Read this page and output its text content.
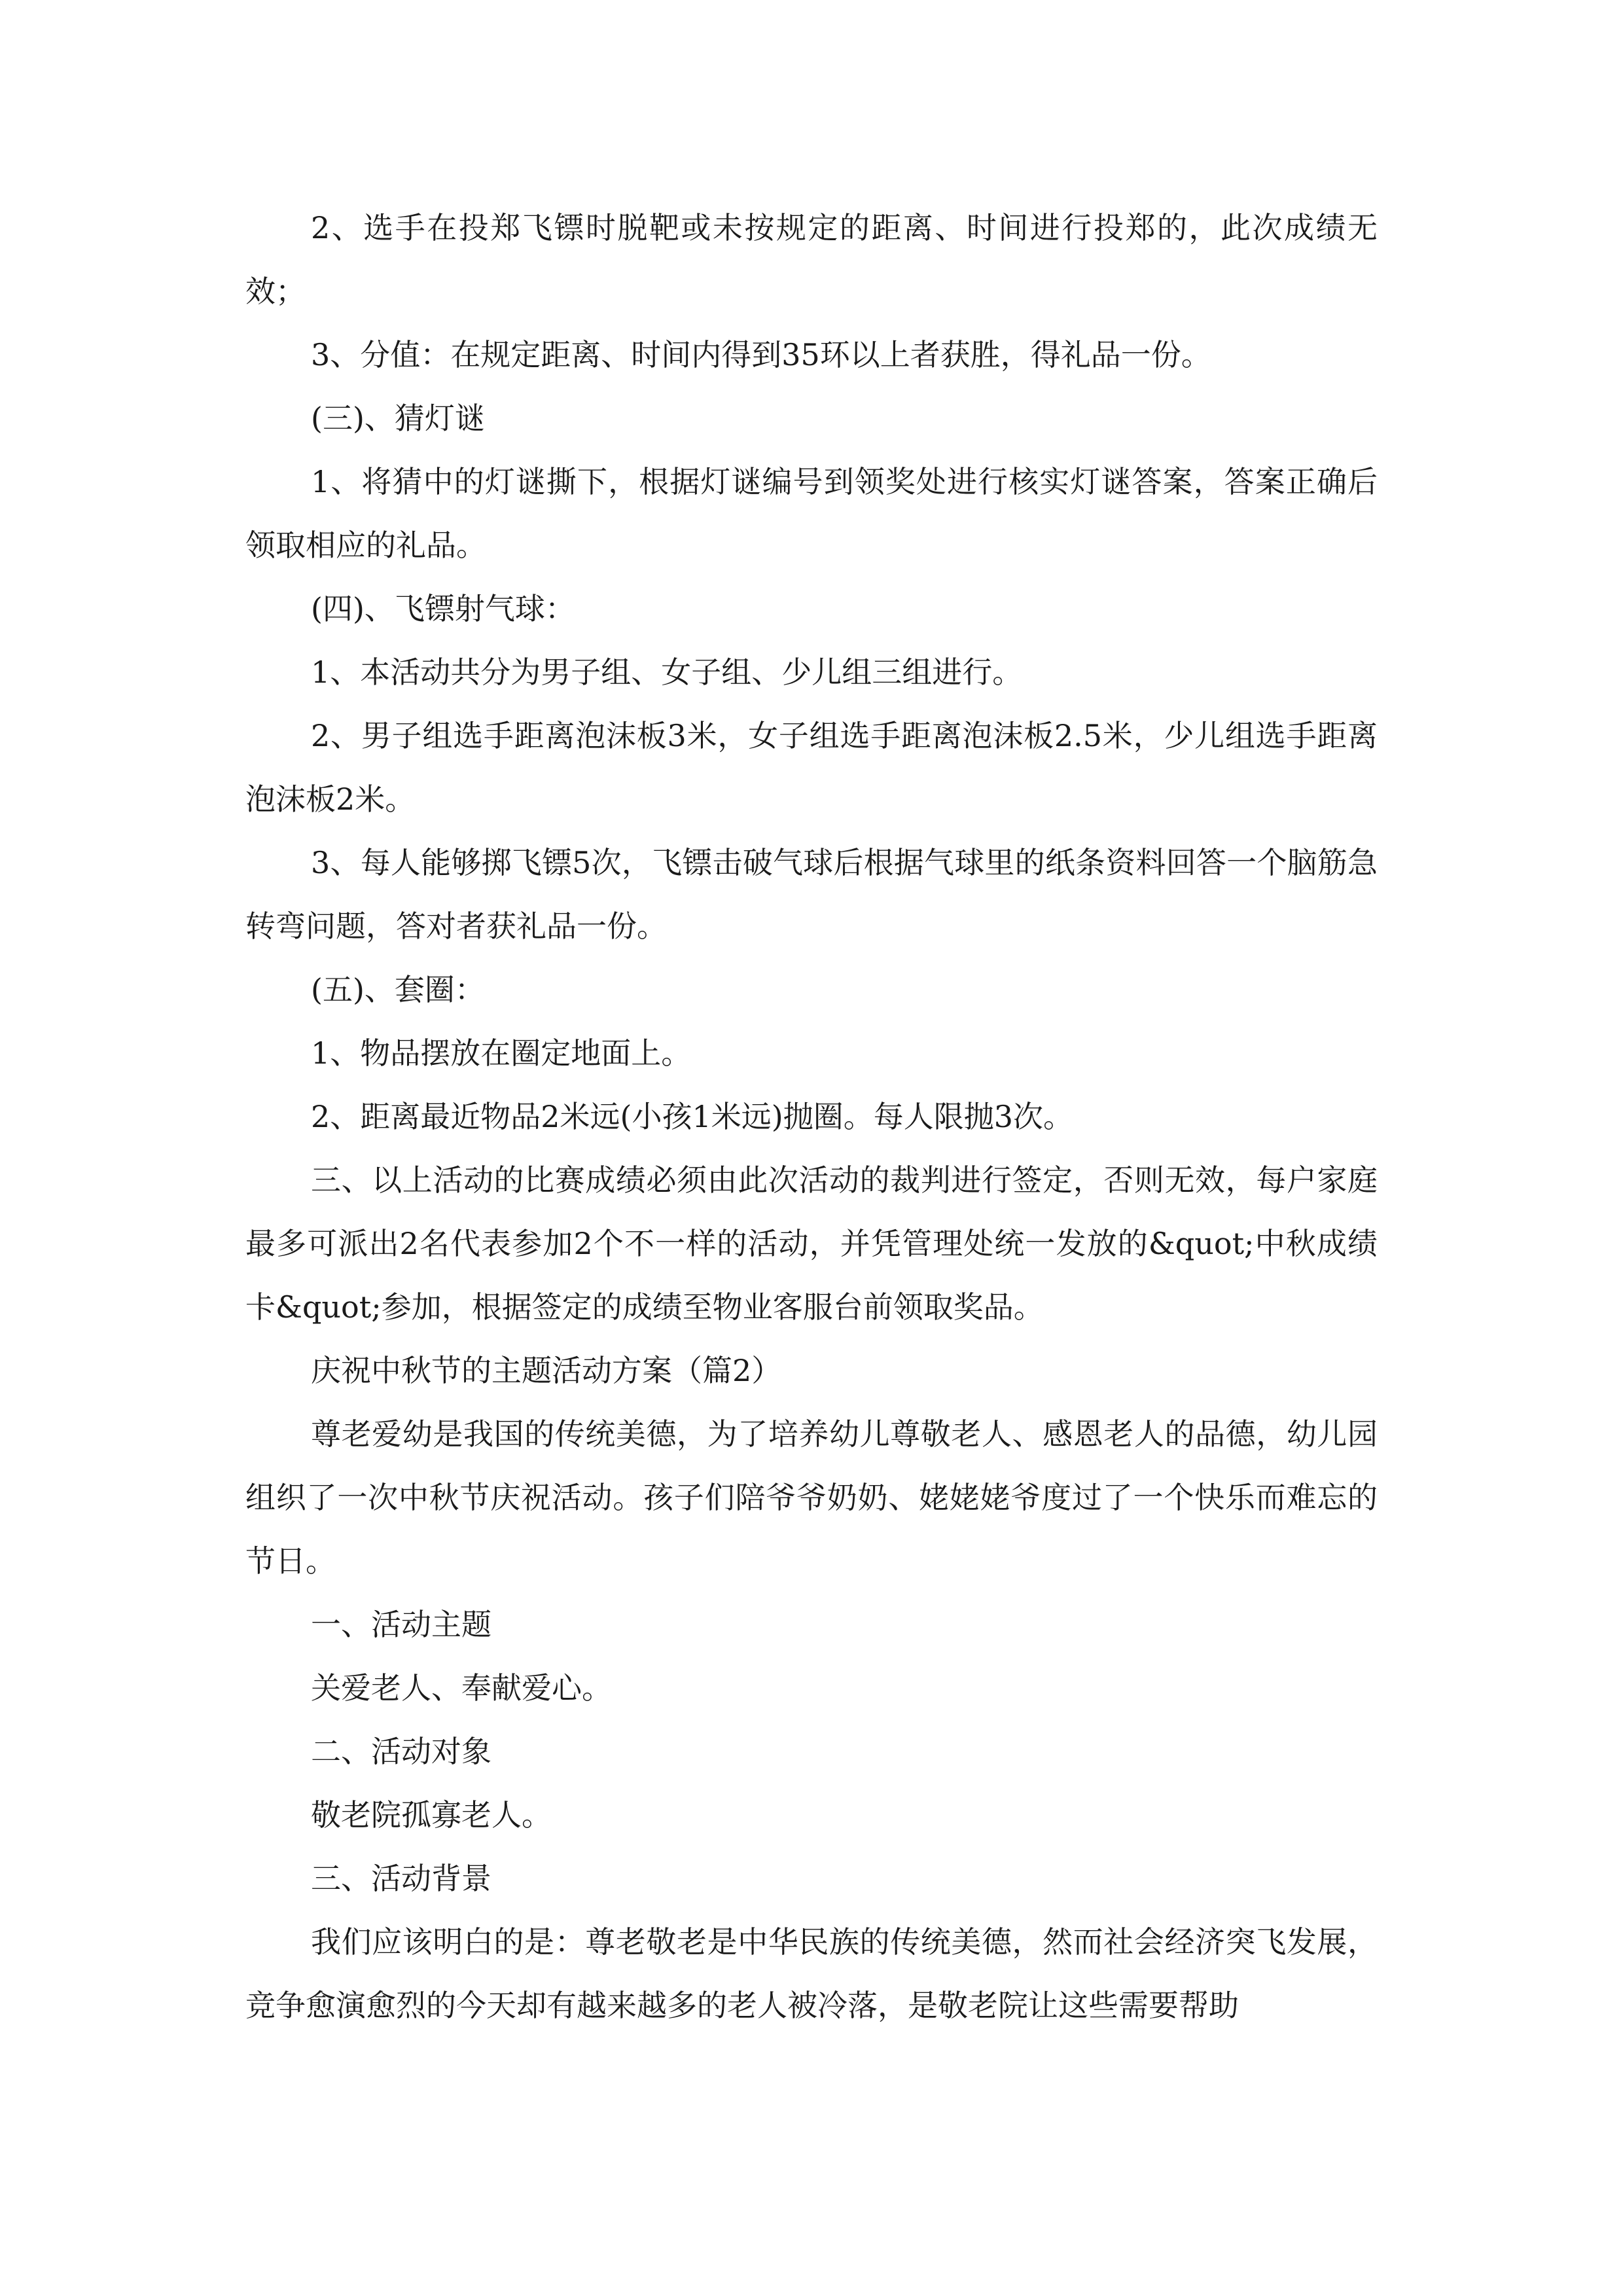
2、选手在投郑飞镖时脱靶或未按规定的距离、时间进行投郑的，此次成绩无效；

3、分值：在规定距离、时间内得到35环以上者获胜，得礼品一份。

(三)、猜灯谜

1、将猜中的灯谜撕下，根据灯谜编号到领奖处进行核实灯谜答案，答案正确后领取相应的礼品。

(四)、飞镖射气球：

1、本活动共分为男子组、女子组、少儿组三组进行。

2、男子组选手距离泡沫板3米，女子组选手距离泡沫板2.5米，少儿组选手距离泡沫板2米。

3、每人能够掷飞镖5次，飞镖击破气球后根据气球里的纸条资料回答一个脑筋急转弯问题，答对者获礼品一份。

(五)、套圈：

1、物品摆放在圈定地面上。

2、距离最近物品2米远(小孩1米远)抛圈。每人限抛3次。

三、以上活动的比赛成绩必须由此次活动的裁判进行签定，否则无效，每户家庭最多可派出2名代表参加2个不一样的活动，并凭管理处统一发放的&quot;中秋成绩卡&quot;参加，根据签定的成绩至物业客服台前领取奖品。

庆祝中秋节的主题活动方案（篇2）

尊老爱幼是我国的传统美德，为了培养幼儿尊敬老人、感恩老人的品德，幼儿园组织了一次中秋节庆祝活动。孩子们陪爷爷奶奶、姥姥姥爷度过了一个快乐而难忘的节日。

一、活动主题

关爱老人、奉献爱心。

二、活动对象

敬老院孤寡老人。

三、活动背景

我们应该明白的是：尊老敬老是中华民族的传统美德，然而社会经济突飞发展，竞争愈演愈烈的今天却有越来越多的老人被冷落，是敬老院让这些需要帮助
